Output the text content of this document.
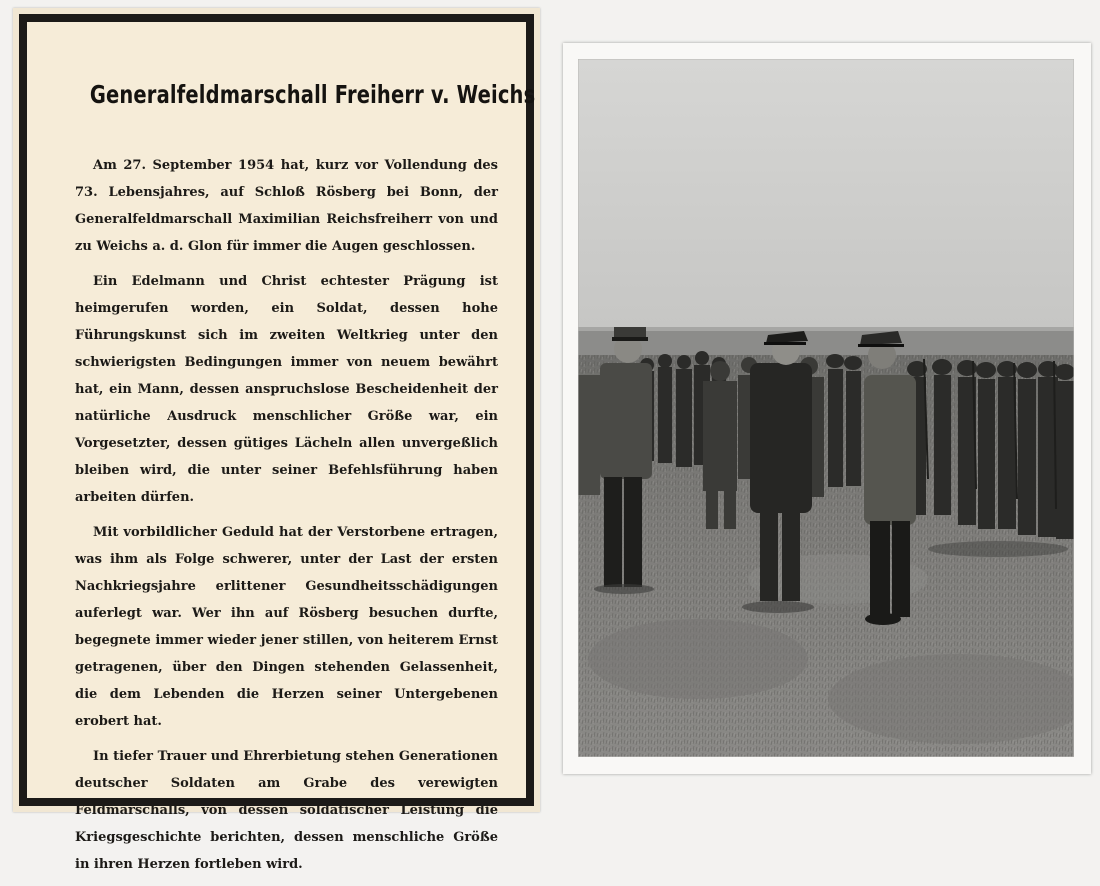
Generalfeldmarschall Freiherr v. Weichs

Am 27. September 1954 hat, kurz vor Vollendung des 73. Lebensjahres, auf Schloß Rösberg bei Bonn, der Generalfeldmarschall Maximilian Reichsfreiherr von und zu Weichs a. d. Glon für immer die Augen geschlossen.

Ein Edelmann und Christ echtester Prägung ist heimgerufen worden, ein Soldat, dessen hohe Führungskunst sich im zweiten Weltkrieg unter den schwierigsten Bedingungen immer von neuem bewährt hat, ein Mann, dessen anspruchslose Bescheidenheit der natürliche Ausdruck menschlicher Größe war, ein Vorgesetzter, dessen gütiges Lächeln allen unvergeßlich bleiben wird, die unter seiner Befehlsführung haben arbeiten dürfen.

Mit vorbildlicher Geduld hat der Verstorbene ertragen, was ihm als Folge schwerer, unter der Last der ersten Nachkriegsjahre erlittener Gesundheitsschädigungen auferlegt war. Wer ihn auf Rösberg besuchen durfte, begegnete immer wieder jener stillen, von heiterem Ernst getragenen, über den Dingen stehenden Gelassenheit, die dem Lebenden die Herzen seiner Untergebenen erobert hat.

In tiefer Trauer und Ehrerbietung stehen Generationen deutscher Soldaten am Grabe des verewigten Feldmarschalls, von dessen soldatischer Leistung die Kriegsgeschichte berichten, dessen menschliche Größe in ihren Herzen fortleben wird.
